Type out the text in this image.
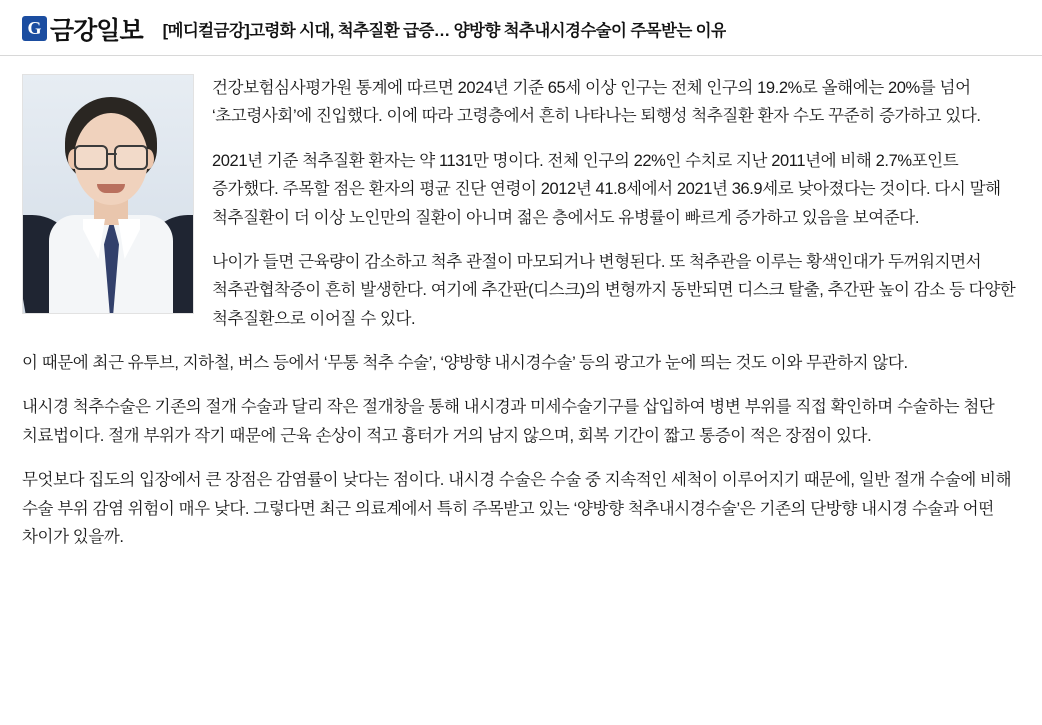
G 금강일보 [메디컬금강]고령화 시대, 척추질환 급증… 양방향 척추내시경수술이 주목받는 이유

건강보험심사평가원 통계에 따르면 2024년 기준 65세 이상 인구는 전체 인구의 19.2%로 올해에는 20%를 넘어 ‘초고령사회’에 진입했다. 이에 따라 고령층에서 흔히 나타나는 퇴행성 척추질환 환자 수도 꾸준히 증가하고 있다.

2021년 기준 척추질환 환자는 약 1131만 명이다. 전체 인구의 22%인 수치로 지난 2011년에 비해 2.7%포인트 증가했다. 주목할 점은 환자의 평균 진단 연령이 2012년 41.8세에서 2021년 36.9세로 낮아졌다는 것이다. 다시 말해 척추질환이 더 이상 노인만의 질환이 아니며 젊은 층에서도 유병률이 빠르게 증가하고 있음을 보여준다.

나이가 들면 근육량이 감소하고 척추 관절이 마모되거나 변형된다. 또 척추관을 이루는 황색인대가 두꺼워지면서 척추관협착증이 흔히 발생한다. 여기에 추간판(디스크)의 변형까지 동반되면 디스크 탈출, 추간판 높이 감소 등 다양한 척추질환으로 이어질 수 있다.

이 때문에 최근 유투브, 지하철, 버스 등에서 ‘무통 척추 수술’, ‘양방향 내시경수술’ 등의 광고가 눈에 띄는 것도 이와 무관하지 않다.

내시경 척추수술은 기존의 절개 수술과 달리 작은 절개창을 통해 내시경과 미세수술기구를 삽입하여 병변 부위를 직접 확인하며 수술하는 첨단 치료법이다. 절개 부위가 작기 때문에 근육 손상이 적고 흉터가 거의 남지 않으며, 회복 기간이 짧고 통증이 적은 장점이 있다.

무엇보다 집도의 입장에서 큰 장점은 감염률이 낮다는 점이다. 내시경 수술은 수술 중 지속적인 세척이 이루어지기 때문에, 일반 절개 수술에 비해 수술 부위 감염 위험이 매우 낮다. 그렇다면 최근 의료계에서 특히 주목받고 있는 ‘양방향 척추내시경수술’은 기존의 단방향 내시경 수술과 어떤 차이가 있을까.
